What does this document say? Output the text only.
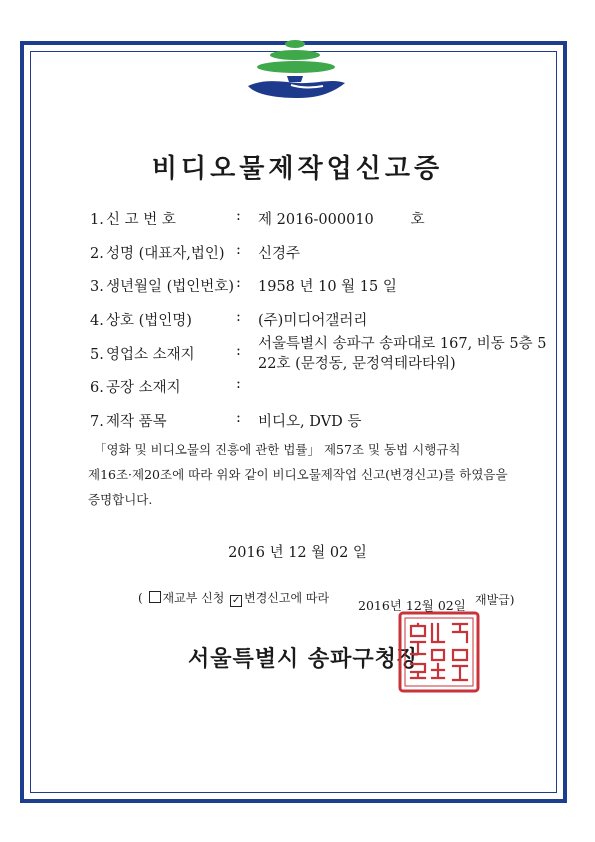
비디오물제작업신고증
1. 신 고 번 호	: 제 2016-000010        호
2. 성명 (대표자,법인) : 신경주
3. 생년월일 (법인번호) : 1958 년 10 월 15 일
4. 상호 (법인명)	: (주)미디어갤러리
5. 영업소 소재지	: 서울특별시 송파구 송파대로 167, 비동 5층 5
22호 (문정동, 문정역테라타워)
6. 공장 소재지	:
7. 제작 품목	: 비디오, DVD 등
「영화 및 비디오물의 진흥에 관한 법률」 제57조 및 동법 시행규칙
제16조·제20조에 따라 위와 같이 비디오물제작업 신고(변경신고)를 하였음을
증명합니다.
2016 년 12 월 02 일
( 재교부 신청 ✓ 변경신고에 따라 2016년 12월 02일 재발급)
서울특별시 송파구청장
